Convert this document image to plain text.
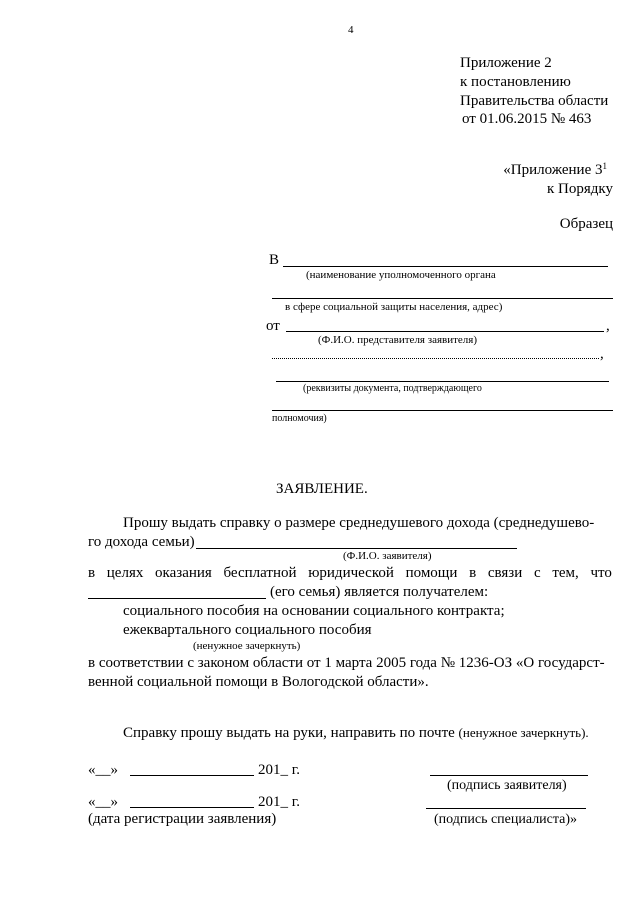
4
Приложение 2
к постановлению
Правительства области
от 01.06.2015 № 463
«Приложение $3^1$
к Порядку
Образец
В
(наименование уполномоченного органа
в сфере социальной защиты населения, адрес)
от	,
(Ф.И.О. представителя заявителя)
,
(реквизиты документа, подтверждающего
полномочия)
ЗАЯВЛЕНИЕ.
Прошу выдать справку о размере среднедушевого дохода (среднедушево-
го дохода семьи)
(Ф.И.О. заявителя)
в целях оказания бесплатной юридической помощи в связи с тем, что
(его семья) является получателем:
социального пособия на основании социального контракта;
ежеквартального социального пособия
(ненужное зачеркнуть)
в соответствии с законом области от 1 марта 2005 года № 1236-ОЗ «О государст-
венной социальной помощи в Вологодской области».
Справку прошу выдать на руки, направить по почте (ненужное зачеркнуть).
«__»	201_ г.
(подпись заявителя)
«__»	201_ г.
(дата регистрации заявления)	(подпись специалиста)»
